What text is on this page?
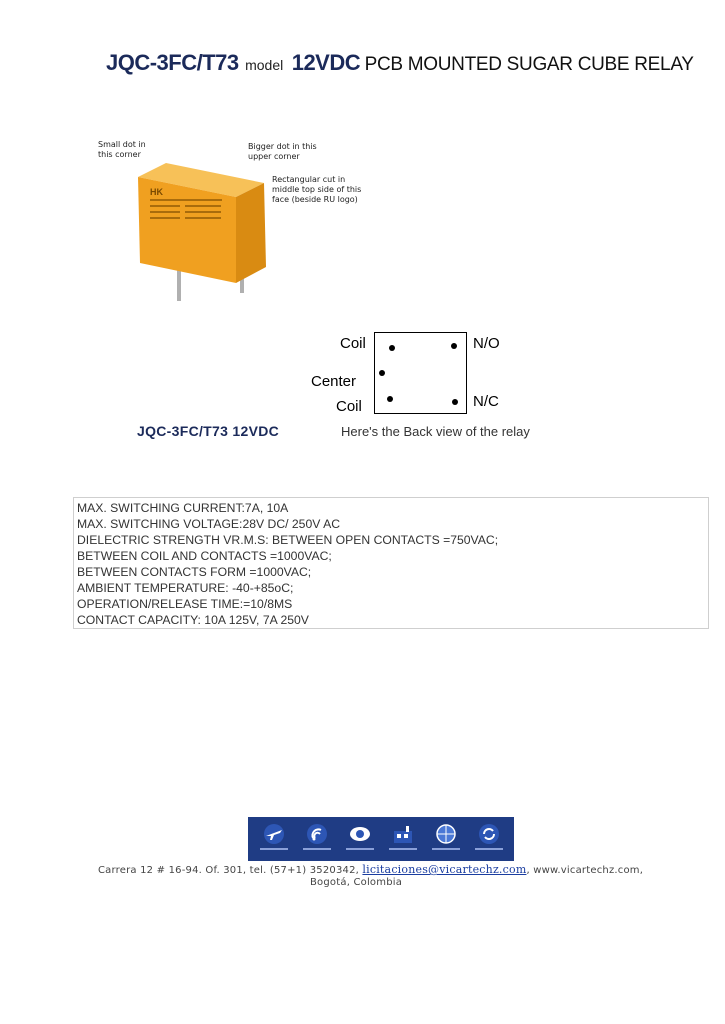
JQC-3FC/T73 model 12VDC PCB MOUNTED SUGAR CUBE RELAY
Small dot in this corner
Bigger dot in this upper corner
Rectangular cut in middle top side of this face (beside RU logo)
HK
Coil
Center
Coil
N/O
N/C
JQC-3FC/T73 12VDC	Here's the Back view of the relay
MAX. SWITCHING CURRENT:7A, 10A
MAX. SWITCHING VOLTAGE:28V DC/ 250V AC
DIELECTRIC STRENGTH VR.M.S: BETWEEN OPEN CONTACTS =750VAC;
BETWEEN COIL AND CONTACTS =1000VAC;
BETWEEN CONTACTS FORM =1000VAC;
AMBIENT TEMPERATURE: -40-+85oC;
OPERATION/RELEASE TIME:=10/8MS
CONTACT CAPACITY: 10A 125V, 7A 250V
Carrera 12 # 16-94. Of. 301, tel. (57+1) 3520342, licitaciones@vicartechz.com, www.vicartechz.com,
Bogotá, Colombia
